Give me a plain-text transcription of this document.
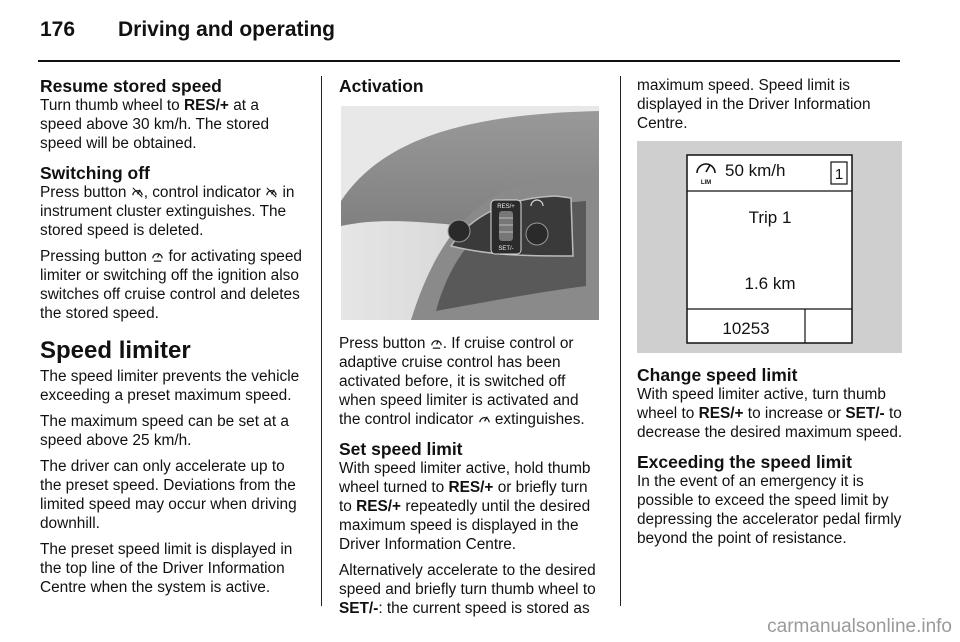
176 Driving and operating
Resume stored speed

Turn thumb wheel to RES/+ at a speed above 30 km/h. The stored speed will be obtained.

Switching off

Press button , control indicator  in instrument cluster extinguishes. The stored speed is deleted.

Pressing button  for activating speed limiter or switching off the ignition also switches off cruise control and deletes the stored speed.

Speed limiter

The speed limiter prevents the vehicle exceeding a preset maximum speed.

The maximum speed can be set at a speed above 25 km/h.

The driver can only accelerate up to the preset speed. Deviations from the limited speed may occur when driving downhill.

The preset speed limit is displayed in the top line of the Driver Information Centre when the system is active.

Activation
RES/+
SET/-

Press button . If cruise control or adaptive cruise control has been activated before, it is switched off when speed limiter is activated and the control indicator  extinguishes.

Set speed limit

With speed limiter active, hold thumb wheel turned to RES/+ or briefly turn to RES/+ repeatedly until the desired maximum speed is displayed in the Driver Information Centre.

Alternatively accelerate to the desired speed and briefly turn thumb wheel to SET/-: the current speed is stored as

maximum speed. Speed limit is displayed in the Driver Information Centre.

LIM
50 km/h	1
Trip 1
1.6 km
10253
Change speed limit

With speed limiter active, turn thumb wheel to RES/+ to increase or SET/- to decrease the desired maximum speed.

Exceeding the speed limit

In the event of an emergency it is possible to exceed the speed limit by depressing the accelerator pedal firmly beyond the point of resistance.

carmanualsonline.info
